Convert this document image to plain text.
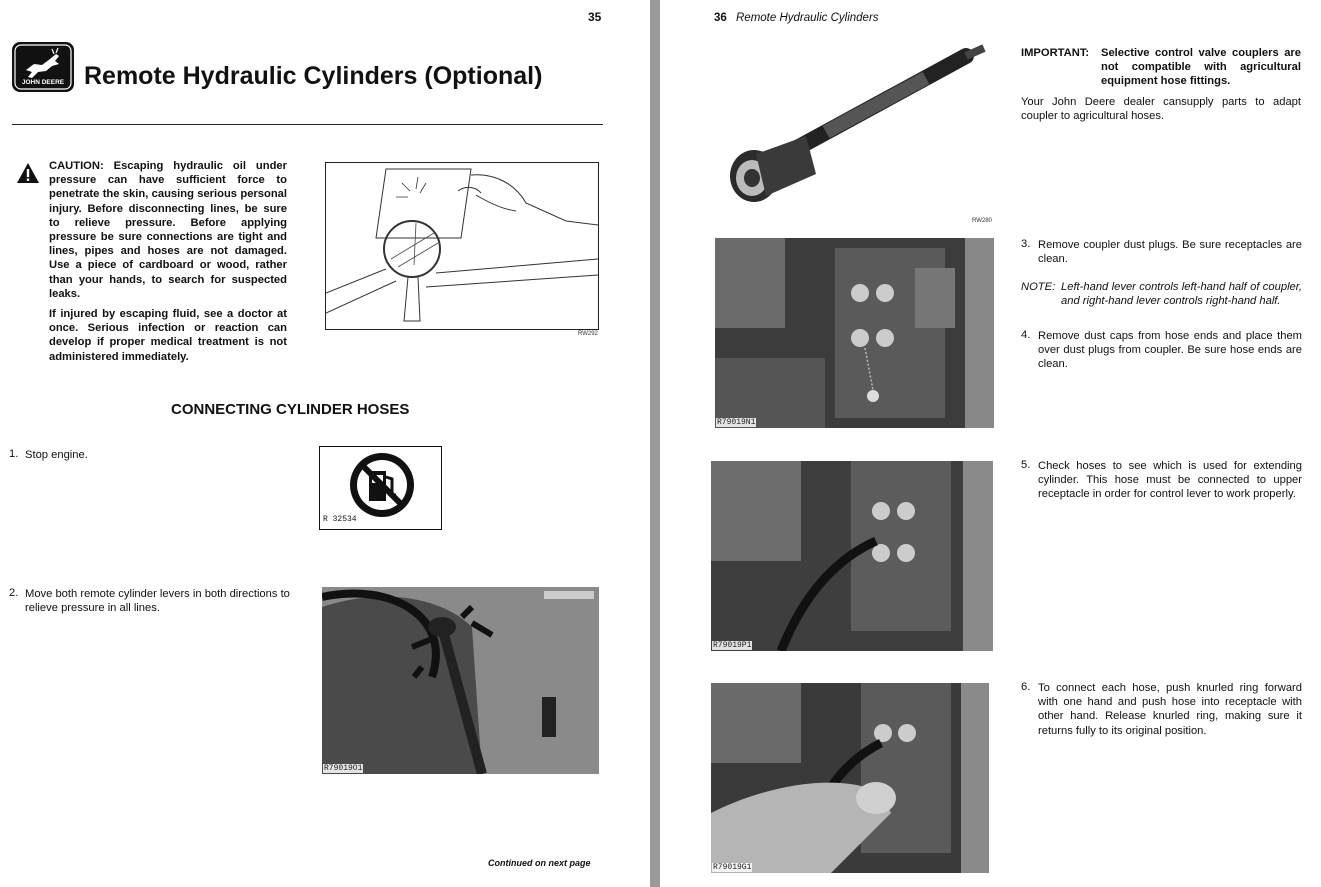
35
JOHN DEERE Remote Hydraulic Cylinders (Optional)
CAUTION: Escaping hydraulic oil under pressure can have sufficient force to penetrate the skin, causing serious personal injury. Before disconnecting lines, be sure to relieve pressure. Before applying pressure be sure connections are tight and lines, pipes and hoses are not damaged. Use a piece of cardboard or wood, rather than your hands, to search for suspected leaks.
If injured by escaping fluid, see a doctor at once. Serious infection or reaction can develop if proper medical treatment is not administered immediately.
RW292
CONNECTING CYLINDER HOSES
1. Stop engine.
R 32534
2. Move both remote cylinder levers in both directions to relieve pressure in all lines.
R79019O1
Continued on next page
36 Remote Hydraulic Cylinders
RW280
IMPORTANT: Selective control valve couplers are not compatible with agricultural equipment hose fittings.
Your John Deere dealer cansupply parts to adapt coupler to agricultural hoses.
R79019N1
3. Remove coupler dust plugs. Be sure receptacles are clean.
NOTE: Left-hand lever controls left-hand half of coupler, and right-hand lever controls right-hand half.
4. Remove dust caps from hose ends and place them over dust plugs from coupler. Be sure hose ends are clean.
R79019P1
5. Check hoses to see which is used for extending cylinder. This hose must be connected to upper receptacle in order for control lever to work properly.
R79019G1
6. To connect each hose, push knurled ring forward with one hand and push hose into receptacle with other hand. Release knurled ring, making sure it returns fully to its original position.
